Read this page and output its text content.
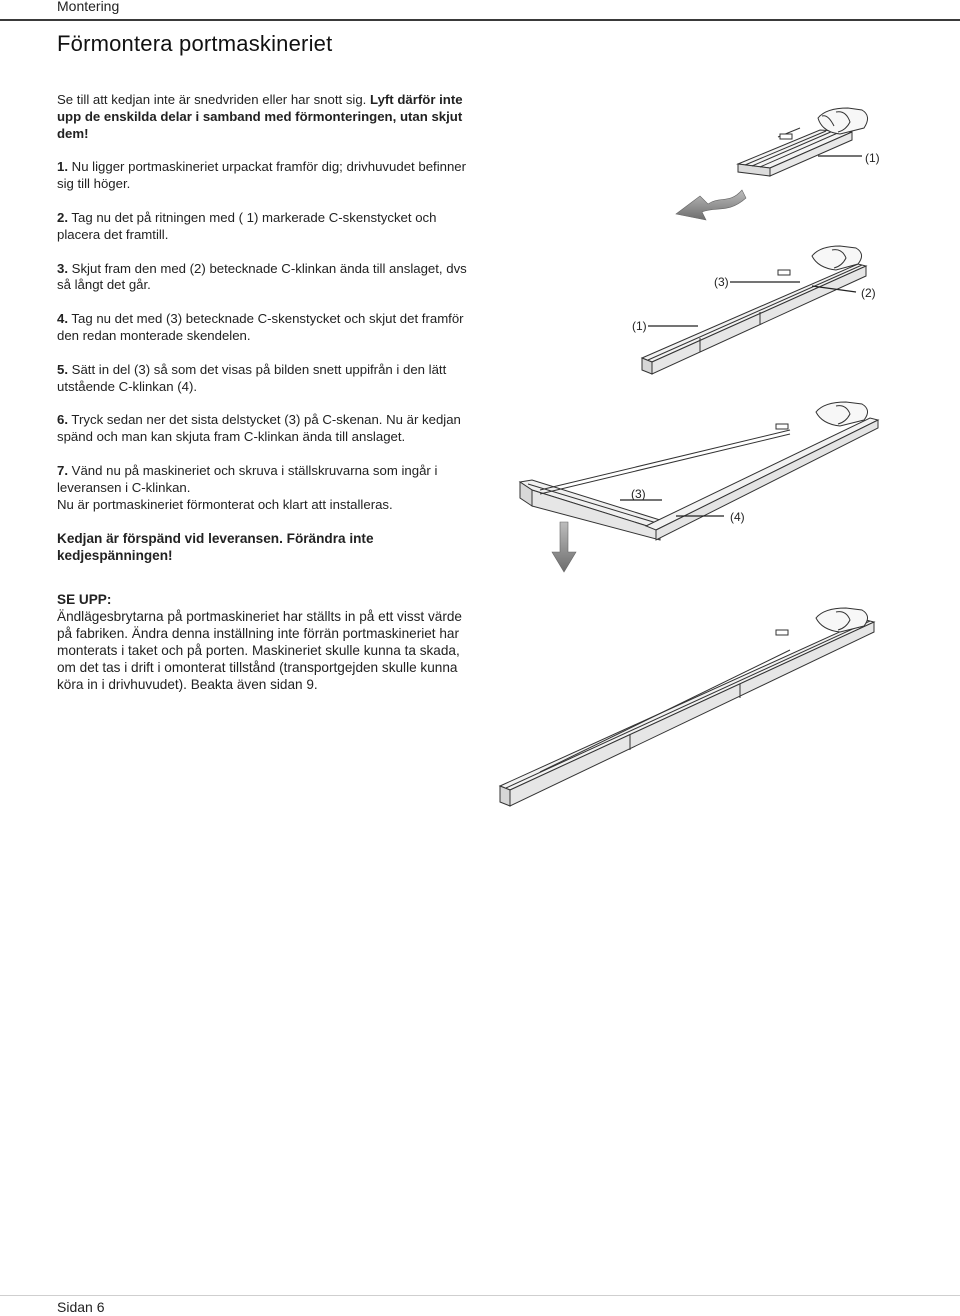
Montering
Förmontera portmaskineriet

Se till att kedjan inte är snedvriden eller har snott sig. Lyft därför inte upp de enskilda delar i samband med förmonteringen, utan skjut dem!

1. Nu ligger portmaskineriet urpackat framför dig; drivhuvudet befinner sig till höger.

2. Tag nu det på ritningen med ( 1) markerade C-skenstycket och placera det framtill.

3. Skjut fram den med (2) betecknade C-klinkan ända till anslaget, dvs så långt det går.

4. Tag nu det med (3) betecknade C-skenstycket och skjut det framför den redan monterade skendelen.

5. Sätt in del (3) så som det visas på bilden snett uppifrån i den lätt utstående C-klinkan (4).

6. Tryck sedan ner det sista delstycket (3) på C-skenan. Nu är kedjan spänd och man kan skjuta fram C-klinkan ända till anslaget.

7. Vänd nu på maskineriet och skruva i ställskruvarna som ingår i leveransen i C-klinkan.
Nu är portmaskineriet förmonterat och klart att installeras.

Kedjan är förspänd vid leveransen. Förändra inte kedjespänningen!
SE UPP:
Ändlägesbrytarna på portmaskineriet har ställts in på ett visst värde på fabriken. Ändra denna inställning inte förrän portmaskineriet har monterats i taket och på porten. Maskineriet skulle kunna ta skada, om det tas i drift i omonterat tillstånd (transportgejden skulle kunna köra in i drivhuvudet). Beakta även sidan 9.
(1)
(3)
(2)
(1)
(3)
(4)
Sidan 6
